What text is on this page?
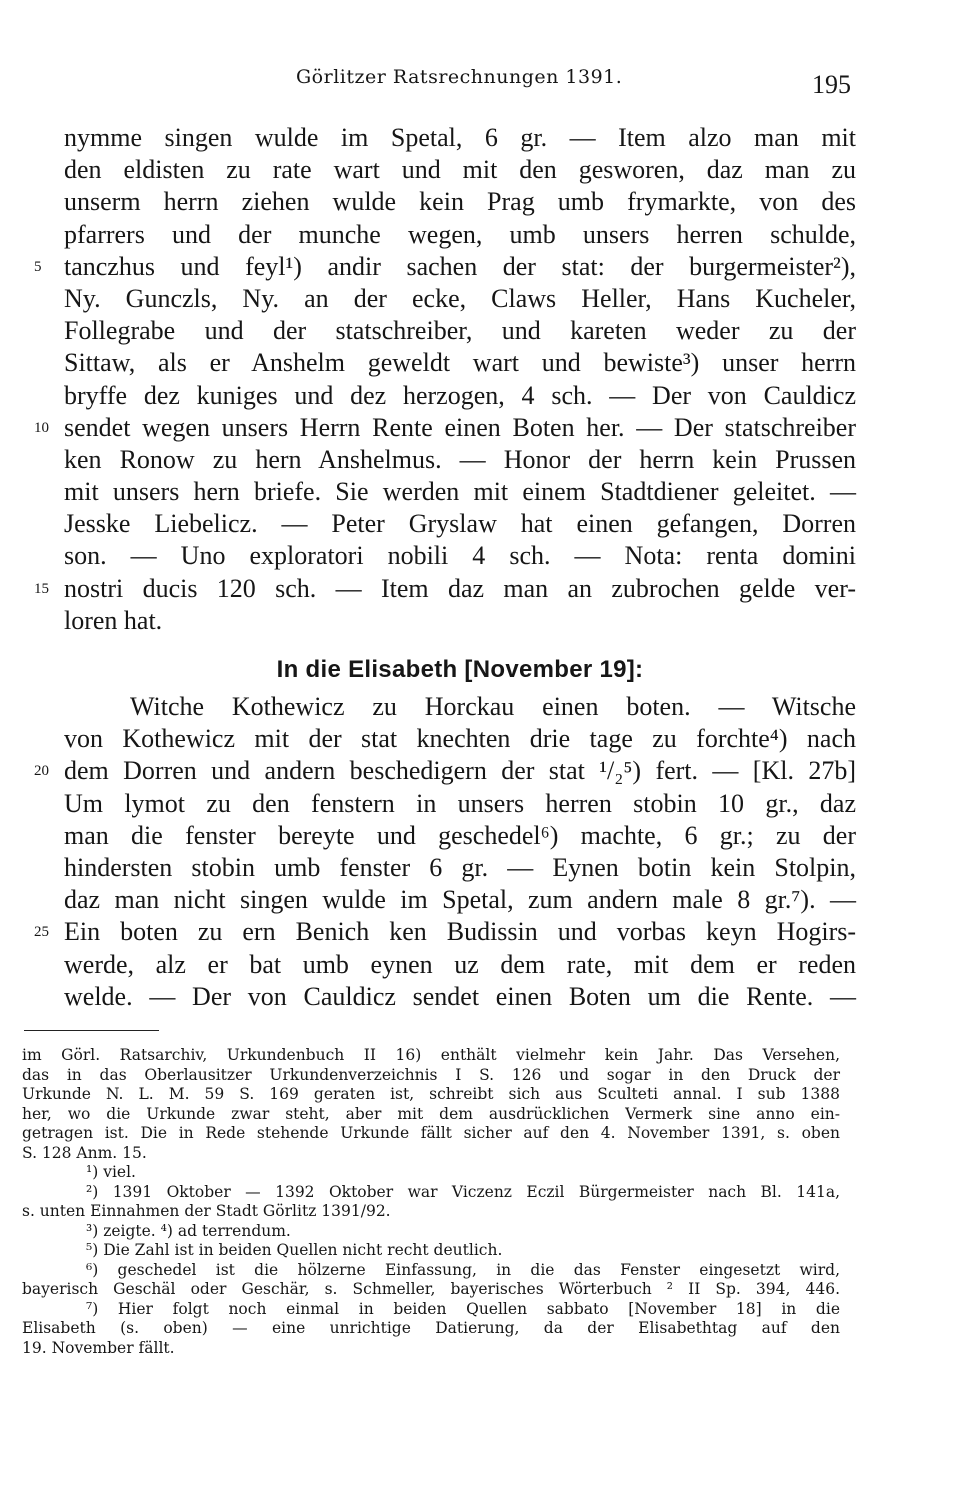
Görlitzer Ratsrechnungen 1391.	195
nymme singen wulde im Spetal, 6 gr. — Item alzo man mit
den eldisten zu rate wart und mit den gesworen, daz man zu
unserm herrn ziehen wulde kein Prag umb frymarkte, von des
pfarrers und der munche wegen, umb unsers herren schulde,
5 tanczhus und feyl¹) andir sachen der stat: der burgermeister²),
Ny. Gunczls, Ny. an der ecke, Claws Heller, Hans Kucheler,
Follegrabe und der statschreiber, und kareten weder zu der
Sittaw, als er Anshelm geweldt wart und bewiste³) unser herrn
bryffe dez kuniges und dez herzogen, 4 sch. — Der von Cauldicz
10 sendet wegen unsers Herrn Rente einen Boten her. — Der statschreiber
ken Ronow zu hern Anshelmus. — Honor der herrn kein Prussen
mit unsers hern briefe. Sie werden mit einem Stadtdiener geleitet. —
Jesske Liebelicz. — Peter Gryslaw hat einen gefangen, Dorren
son. — Uno exploratori nobili 4 sch. — Nota: renta domini
15 nostri ducis 120 sch. — Item daz man an zubrochen gelde ver-
loren hat.
In die Elisabeth [November 19]:
Witche Kothewicz zu Horckau einen boten. — Witsche
von Kothewicz mit der stat knechten drie tage zu forchte⁴) nach
20 dem Dorren und andern beschedigern der stat ¹/₂⁵) fert. — [Kl. 27b]
Um lymot zu den fenstern in unsers herren stobin 10 gr., daz
man die fenster bereyte und geschedel⁶) machte, 6 gr.; zu der
hindersten stobin umb fenster 6 gr. — Eynen botin kein Stolpin,
daz man nicht singen wulde im Spetal, zum andern male 8 gr.⁷). —
25 Ein boten zu ern Benich ken Budissin und vorbas keyn Hogirs-
werde, alz er bat umb eynen uz dem rate, mit dem er reden
welde. — Der von Cauldicz sendet einen Boten um die Rente. —
im Görl. Ratsarchiv, Urkundenbuch II 16) enthält vielmehr kein Jahr. Das Versehen,
das in das Oberlausitzer Urkundenverzeichnis I S. 126 und sogar in den Druck der
Urkunde N. L. M. 59 S. 169 geraten ist, schreibt sich aus Sculteti annal. I sub 1388
her, wo die Urkunde zwar steht, aber mit dem ausdrücklichen Vermerk sine anno ein-
getragen ist. Die in Rede stehende Urkunde fällt sicher auf den 4. November 1391, s. oben
S. 128 Anm. 15.
¹) viel.
²) 1391 Oktober — 1392 Oktober war Viczenz Eczil Bürgermeister nach Bl. 141a,
s. unten Einnahmen der Stadt Görlitz 1391/92.
³) zeigte. ⁴) ad terrendum.
⁵) Die Zahl ist in beiden Quellen nicht recht deutlich.
⁶) geschedel ist die hölzerne Einfassung, in die das Fenster eingesetzt wird,
bayerisch Geschäl oder Geschär, s. Schmeller, bayerisches Wörterbuch ² II Sp. 394, 446.
⁷) Hier folgt noch einmal in beiden Quellen sabbato [November 18] in die
Elisabeth (s. oben) — eine unrichtige Datierung, da der Elisabethtag auf den
19. November fällt.
